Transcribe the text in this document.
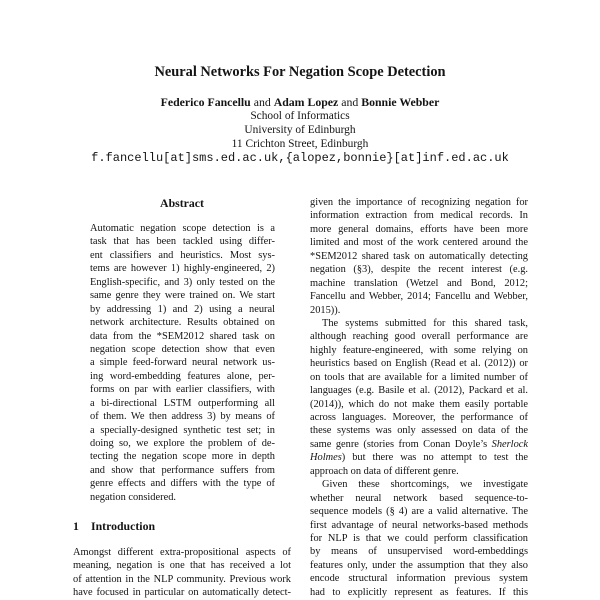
Neural Networks For Negation Scope Detection
Federico Fancellu and Adam Lopez and Bonnie Webber
School of Informatics
University of Edinburgh
11 Crichton Street, Edinburgh
f.fancellu[at]sms.ed.ac.uk,{alopez,bonnie}[at]inf.ed.ac.uk
Abstract
Automatic negation scope detection is a
task that has been tackled using differ-
ent classifiers and heuristics. Most sys-
tems are however 1) highly-engineered, 2)
English-specific, and 3) only tested on the
same genre they were trained on. We start
by addressing 1) and 2) using a neural
network architecture. Results obtained on
data from the *SEM2012 shared task on
negation scope detection show that even
a simple feed-forward neural network us-
ing word-embedding features alone, per-
forms on par with earlier classifiers, with
a bi-directional LSTM outperforming all
of them. We then address 3) by means of
a specially-designed synthetic test set; in
doing so, we explore the problem of de-
tecting the negation scope more in depth
and show that performance suffers from
genre effects and differs with the type of
negation considered.
1 Introduction
Amongst different extra-propositional aspects of
meaning, negation is one that has received a lot
of attention in the NLP community. Previous work
have focused in particular on automatically detect-
given the importance of recognizing negation for
information extraction from medical records. In
more general domains, efforts have been more
limited and most of the work centered around the
*SEM2012 shared task on automatically detecting
negation (§3), despite the recent interest (e.g.
machine translation (Wetzel and Bond, 2012;
Fancellu and Webber, 2014; Fancellu and Webber,
2015)).
The systems submitted for this shared task,
although reaching good overall performance are
highly feature-engineered, with some relying on
heuristics based on English (Read et al. (2012)) or
on tools that are available for a limited number of
languages (e.g. Basile et al. (2012), Packard et al.
(2014)), which do not make them easily portable
across languages. Moreover, the performance of
these systems was only assessed on data of the
same genre (stories from Conan Doyle’s Sherlock
Holmes) but there was no attempt to test the
approach on data of different genre.
Given these shortcomings, we investigate
whether neural network based sequence-to-
sequence models (§ 4) are a valid alternative. The
first advantage of neural networks-based methods
for NLP is that we could perform classification
by means of unsupervised word-embeddings
features only, under the assumption that they also
encode structural information previous system
had to explicitly represent as features. If this
